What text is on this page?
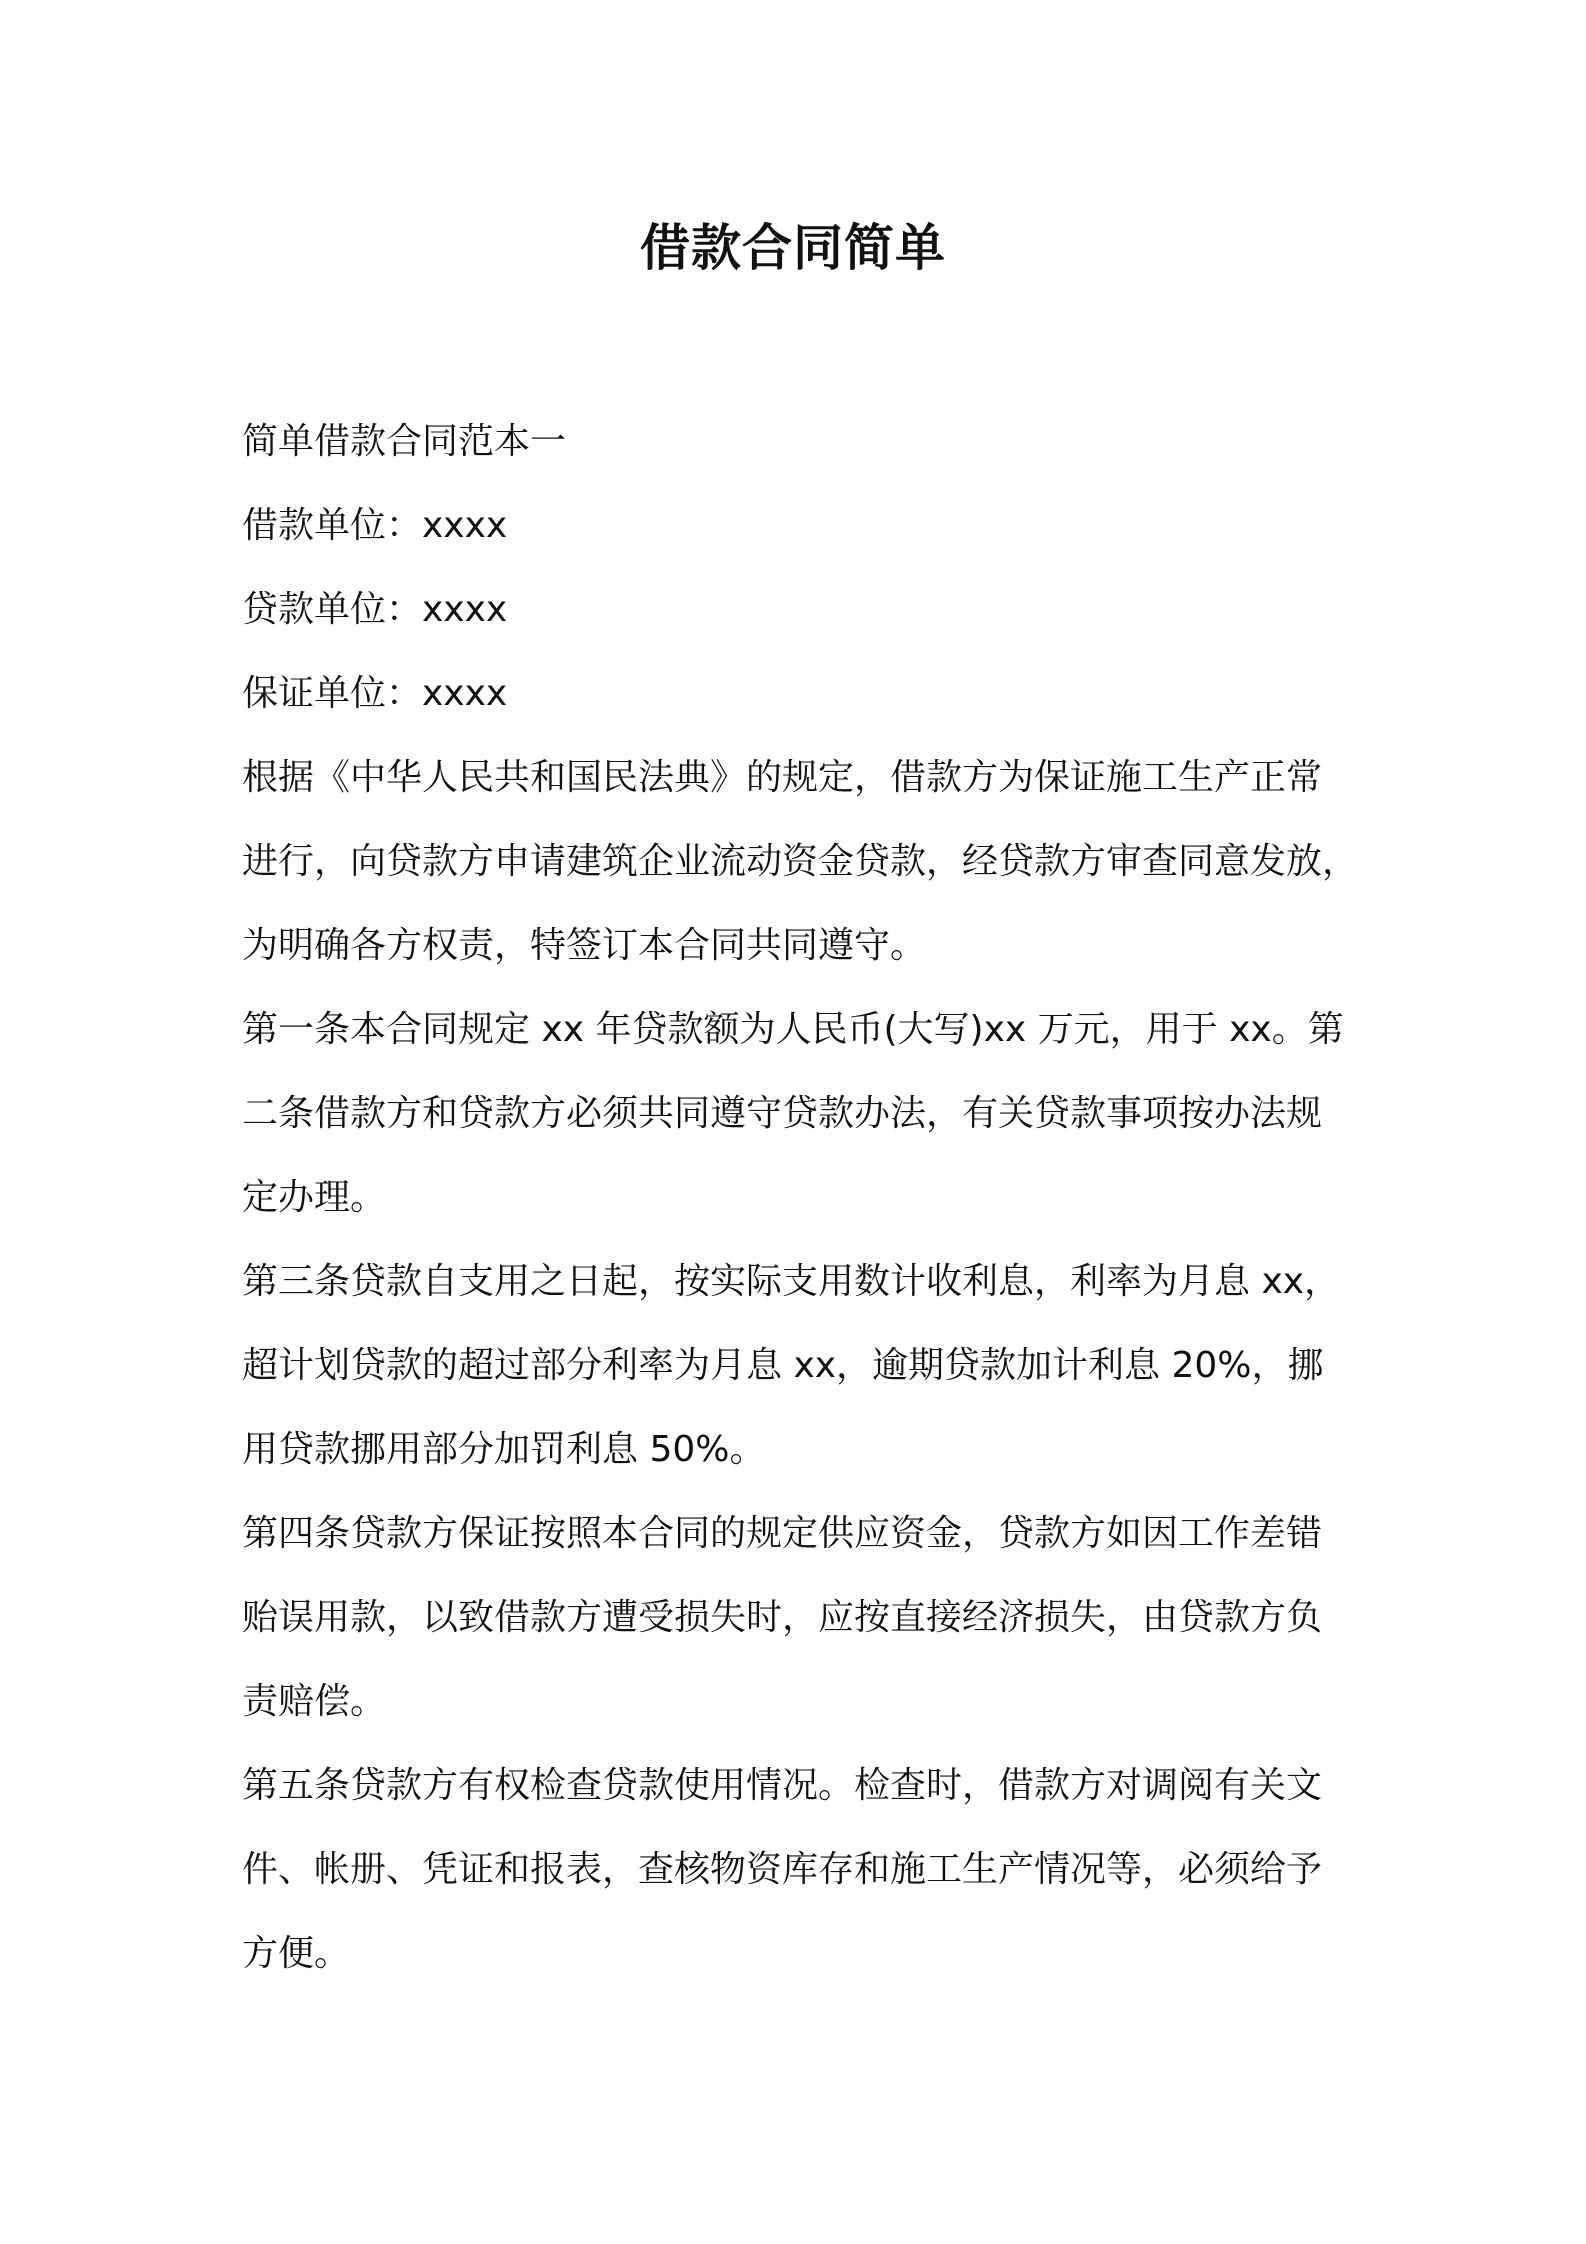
借款合同简单

简单借款合同范本一

借款单位：xxxx

贷款单位：xxxx

保证单位：xxxx

根据《中华人民共和国民法典》的规定，借款方为保证施工生产正常

进行，向贷款方申请建筑企业流动资金贷款，经贷款方审查同意发放，

为明确各方权责，特签订本合同共同遵守。

第一条本合同规定 xx 年贷款额为人民币(大写)xx 万元，用于 xx。第

二条借款方和贷款方必须共同遵守贷款办法，有关贷款事项按办法规

定办理。

第三条贷款自支用之日起，按实际支用数计收利息，利率为月息 xx，

超计划贷款的超过部分利率为月息 xx，逾期贷款加计利息 20%，挪

用贷款挪用部分加罚利息 50%。

第四条贷款方保证按照本合同的规定供应资金，贷款方如因工作差错

贻误用款，以致借款方遭受损失时，应按直接经济损失，由贷款方负

责赔偿。

第五条贷款方有权检查贷款使用情况。检查时，借款方对调阅有关文

件、帐册、凭证和报表，查核物资库存和施工生产情况等，必须给予

方便。
